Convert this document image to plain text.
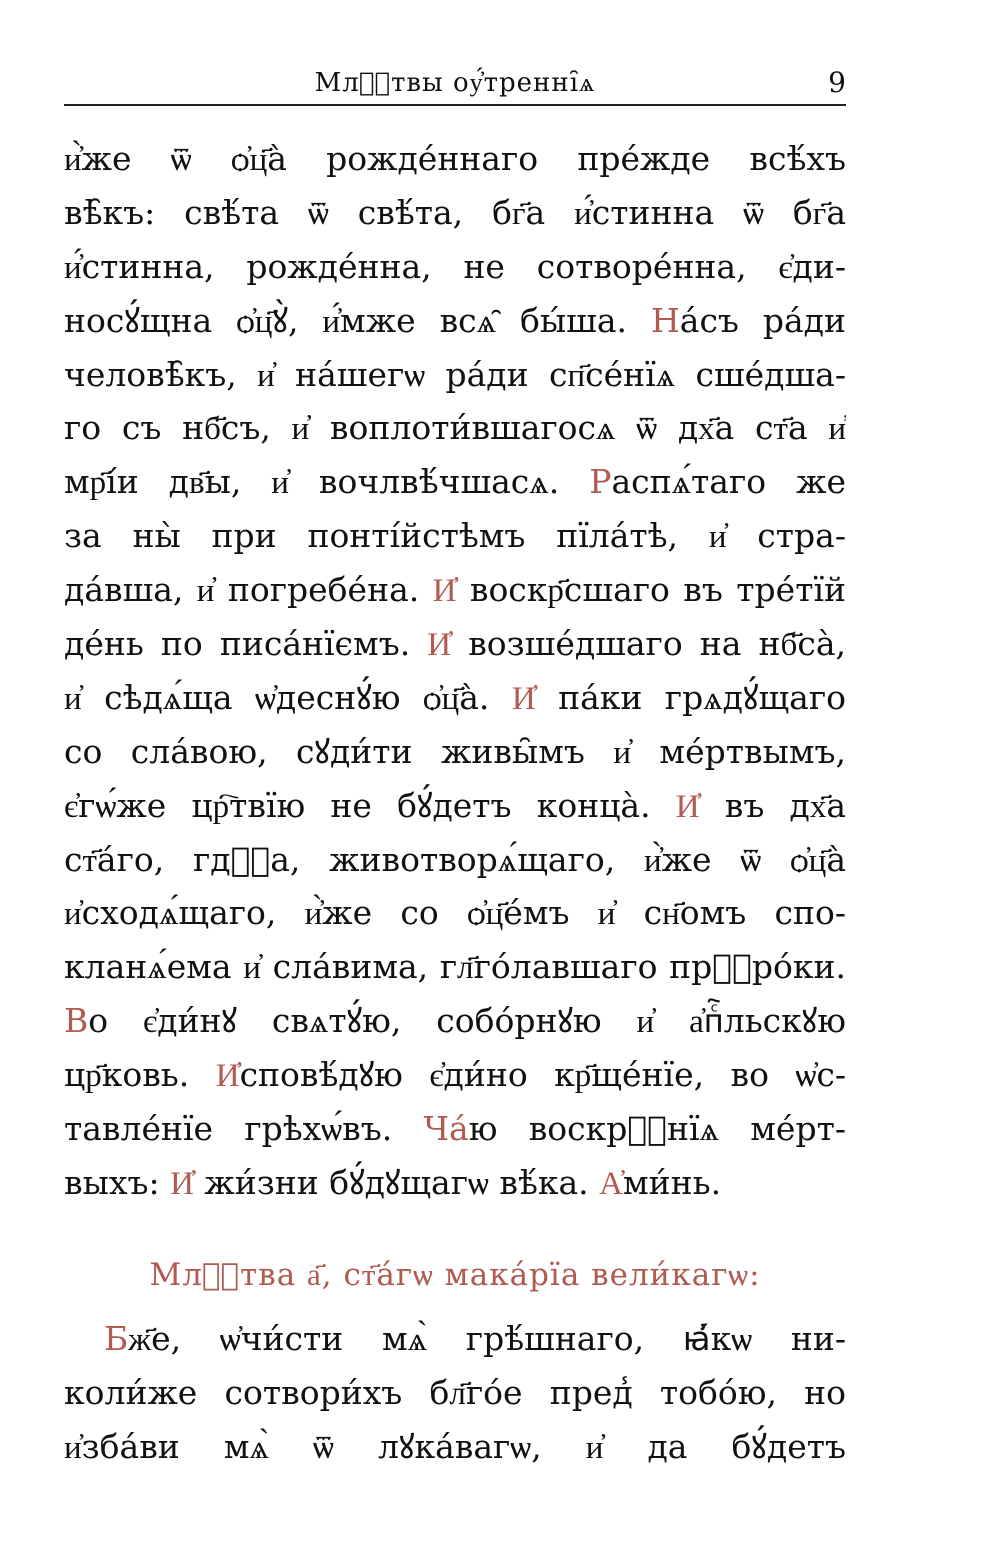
Млⷭ҇твы оу҆́тренні̑ѧ	9
и҆̀же ѿ ѻ҆ц҃а̀ рожде́ннаго пре́жде всѣ́хъ
вѣ̑къ: свѣ́та ѿ свѣ́та, бг҃а и҆́стинна ѿ бг҃а
и҆́стинна, рожде́нна, не сотворе́нна, є҆ди-
носꙋ́щна ѻ҆ц҃ꙋ̀, и҆́мже всѧ̑ бы́ша. На́съ ра́ди
человѣ̑къ, и҆ на́шегѡ ра́ди сп҃се́нїѧ сше́дша-
го съ нб҃съ, и҆ воплоти́вшагосѧ ѿ дх҃а ст҃а и҆
мр҃і́и дв҃ы, и҆ вочлвѣ́чшасѧ. Распѧ́таго же
за ны̀ при понті́йстѣмъ пїла́тѣ, и҆ стра-
да́вша, и҆ погребе́на. И҆ воскр҃сшаго въ тре́тїй
де́нь по писа́нїємъ. И҆ возше́дшаго на нб҃са̀,
и҆ сѣдѧ́ща ѡ҆деснꙋ́ю ѻ҆ц҃а̀. И҆ па́ки грѧдꙋ́щаго
со сла́вою, сꙋди́ти живы̑мъ и҆ ме́ртвымъ,
є҆гѡ́же цр҇твїю не бꙋ́детъ конца̀. И҆ въ дх҃а
ст҃а́го, гдⷭ҇а, животворѧ́щаго, и҆̀же ѿ ѻ҆ц҃а̀
и҆сходѧ́щаго, и҆̀же со ѻ҆ц҃е́мъ и҆ сн҃омъ спо-
кланѧ́ема и҆ сла́вима, гл҃го́лавшаго прⷪ҇ро́ки.
Во є҆ди́нꙋ свѧтꙋ́ю, собо́рнꙋю и҆ а҆пⷭ҇льскꙋю
цр҃ковь. И҆сповѣ́дꙋю є҆ди́но кр҃ще́нїе, во ѡ҆с-
тавле́нїе грѣхѡ́въ. Ча́ю воскрⷭ҇нїѧ ме́рт-
выхъ: И҆ жи́зни бꙋ́дꙋщагѡ вѣ́ка. А҆ми́нь.
Млⷭ҇тва а҃, ст҃а́гѡ мака́рїа вели́кагѡ:
Бж҃е, ѡ҆чи́сти мѧ̀ грѣ́шнаго, ꙗ҆́кѡ ни-
коли́же сотвори́хъ бл҃го́е пред̾ тобо́ю, но
и҆зба́ви мѧ̀ ѿ лꙋка́вагѡ, и҆ да бꙋ́детъ
